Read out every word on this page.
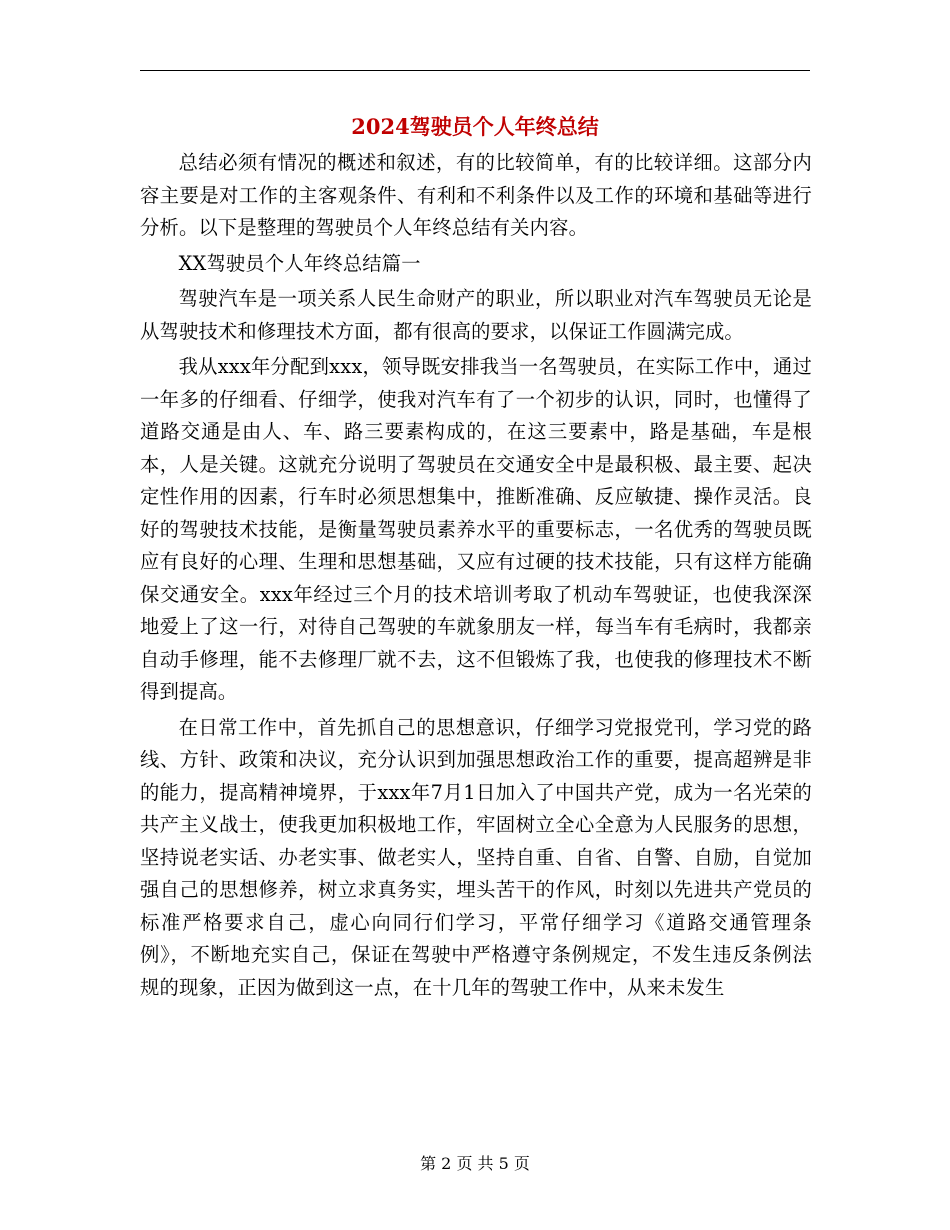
2024驾驶员个人年终总结

总结必须有情况的概述和叙述，有的比较简单，有的比较详细。这部分内容主要是对工作的主客观条件、有利和不利条件以及工作的环境和基础等进行分析。以下是整理的驾驶员个人年终总结有关内容。

XX驾驶员个人年终总结篇一

驾驶汽车是一项关系人民生命财产的职业，所以职业对汽车驾驶员无论是从驾驶技术和修理技术方面，都有很高的要求，以保证工作圆满完成。

我从xxx年分配到xxx，领导既安排我当一名驾驶员，在实际工作中，通过一年多的仔细看、仔细学，使我对汽车有了一个初步的认识，同时，也懂得了道路交通是由人、车、路三要素构成的，在这三要素中，路是基础，车是根本，人是关键。这就充分说明了驾驶员在交通安全中是最积极、最主要、起决定性作用的因素，行车时必须思想集中，推断准确、反应敏捷、操作灵活。良好的驾驶技术技能，是衡量驾驶员素养水平的重要标志，一名优秀的驾驶员既应有良好的心理、生理和思想基础，又应有过硬的技术技能，只有这样方能确保交通安全。xxx年经过三个月的技术培训考取了机动车驾驶证，也使我深深地爱上了这一行，对待自己驾驶的车就象朋友一样，每当车有毛病时，我都亲自动手修理，能不去修理厂就不去，这不但锻炼了我，也使我的修理技术不断得到提高。

在日常工作中，首先抓自己的思想意识，仔细学习党报党刊，学习党的路线、方针、政策和决议，充分认识到加强思想政治工作的重要，提高超辨是非的能力，提高精神境界，于xxx年7月1日加入了中国共产党，成为一名光荣的共产主义战士，使我更加积极地工作，牢固树立全心全意为人民服务的思想，坚持说老实话、办老实事、做老实人，坚持自重、自省、自警、自励，自觉加强自己的思想修养，树立求真务实，埋头苦干的作风，时刻以先进共产党员的标准严格要求自己，虚心向同行们学习，平常仔细学习《道路交通管理条例》，不断地充实自己，保证在驾驶中严格遵守条例规定，不发生违反条例法规的现象，正因为做到这一点，在十几年的驾驶工作中，从来未发生

第 2 页 共 5 页
